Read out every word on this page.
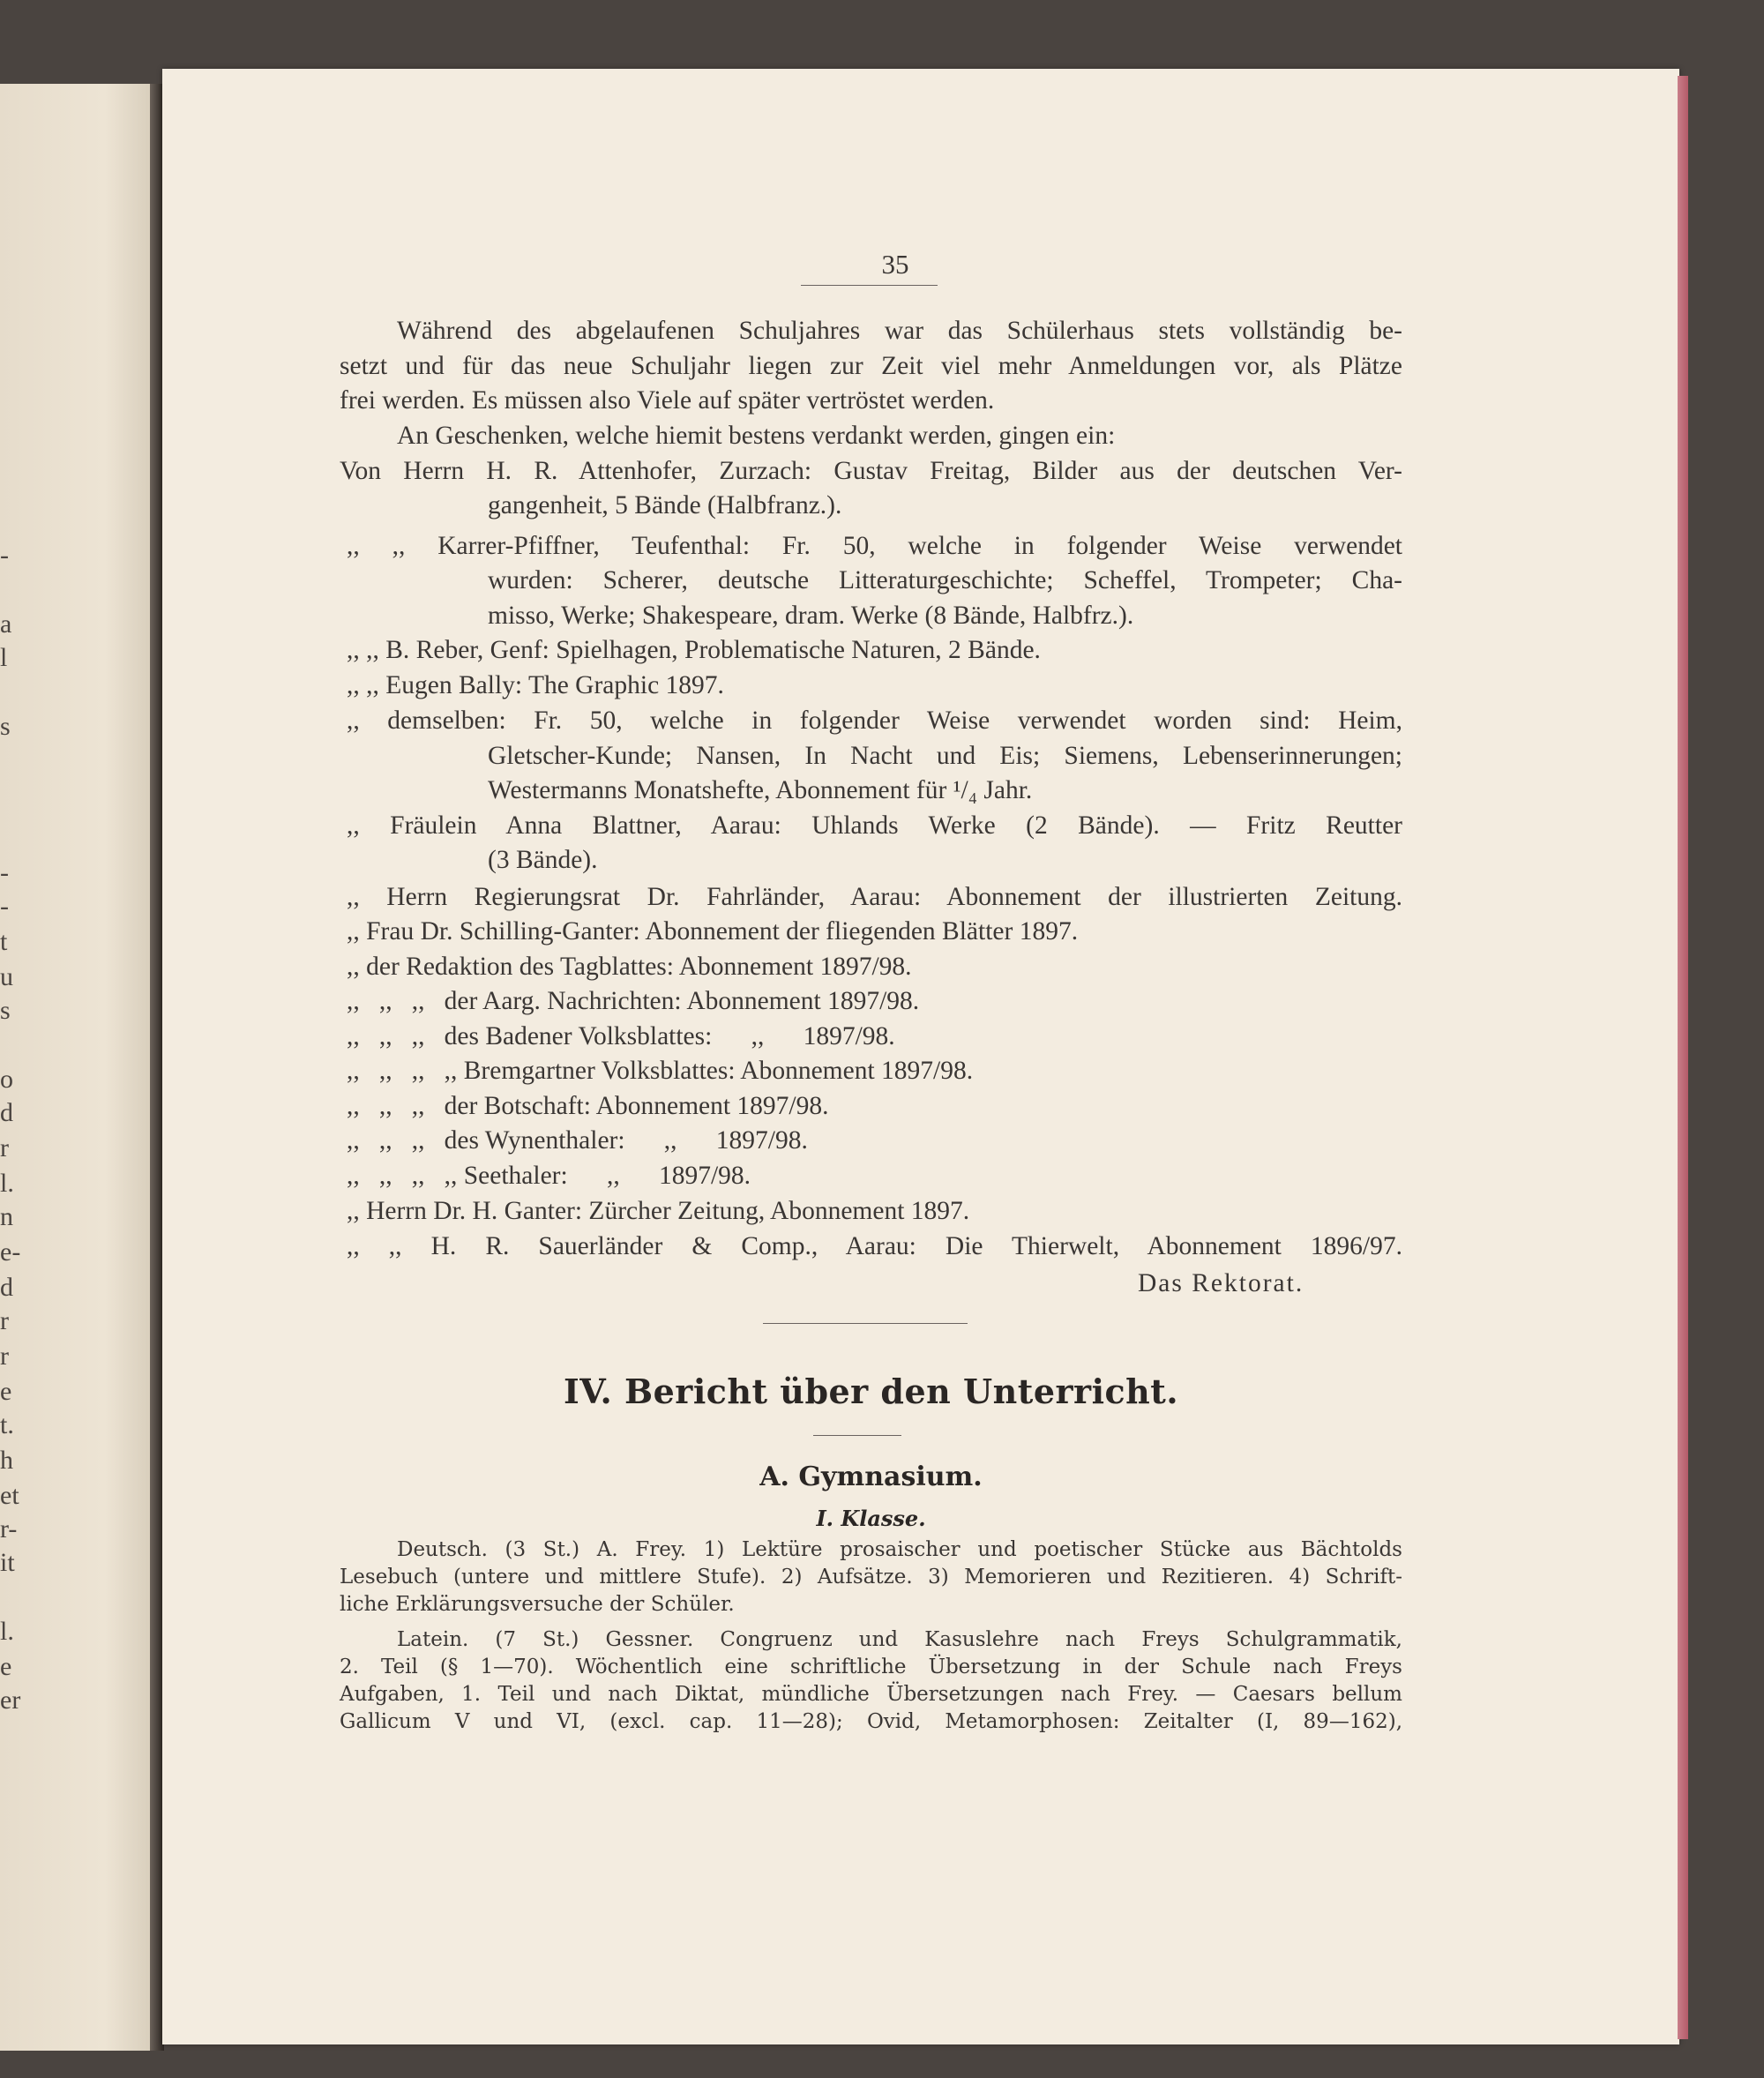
-
a
l
s
-
-
t
u
s
o
d
r
l.
n
e-
d
r
r
e
t.
h
et
r-
it
l.
e
er
35
Während des abgelaufenen Schuljahres war das Schülerhaus stets vollständig be-
setzt und für das neue Schuljahr liegen zur Zeit viel mehr Anmeldungen vor, als Plätze
frei werden. Es müssen also Viele auf später vertröstet werden.
An Geschenken, welche hiemit bestens verdankt werden, gingen ein:
Von Herrn H. R. Attenhofer, Zurzach: Gustav Freitag, Bilder aus der deutschen Ver-
gangenheit, 5 Bände (Halbfranz.).
,, ,, Karrer-Pfiffner, Teufenthal: Fr. 50, welche in folgender Weise verwendet
wurden: Scherer, deutsche Litteraturgeschichte; Scheffel, Trompeter; Cha-
misso, Werke; Shakespeare, dram. Werke (8 Bände, Halbfrz.).
,, ,, B. Reber, Genf: Spielhagen, Problematische Naturen, 2 Bände.
,, ,, Eugen Bally: The Graphic 1897.
,, demselben: Fr. 50, welche in folgender Weise verwendet worden sind: Heim,
Gletscher-Kunde; Nansen, In Nacht und Eis; Siemens, Lebenserinnerungen;
Westermanns Monatshefte, Abonnement für ¹/₄ Jahr.
,, Fräulein Anna Blattner, Aarau: Uhlands Werke (2 Bände). — Fritz Reutter
(3 Bände).
,, Herrn Regierungsrat Dr. Fahrländer, Aarau: Abonnement der illustrierten Zeitung.
,, Frau Dr. Schilling-Ganter: Abonnement der fliegenden Blätter 1897.
,, der Redaktion des Tagblattes: Abonnement 1897/98.
,,   ,,   ,,   der Aarg. Nachrichten: Abonnement 1897/98.
,,   ,,   ,,   des Badener Volksblattes:      ,,      1897/98.
,,   ,,   ,,   ,, Bremgartner Volksblattes: Abonnement 1897/98.
,,   ,,   ,,   der Botschaft: Abonnement 1897/98.
,,   ,,   ,,   des Wynenthaler:      ,,      1897/98.
,,   ,,   ,,   ,, Seethaler:      ,,      1897/98.
,, Herrn Dr. H. Ganter: Zürcher Zeitung, Abonnement 1897.
,, ,, H. R. Sauerländer & Comp., Aarau: Die Thierwelt, Abonnement 1896/97.
Das Rektorat.
IV. Bericht über den Unterricht.
A. Gymnasium.
I. Klasse.
Deutsch. (3 St.) A. Frey. 1) Lektüre prosaischer und poetischer Stücke aus Bächtolds
Lesebuch (untere und mittlere Stufe). 2) Aufsätze. 3) Memorieren und Rezitieren. 4) Schrift-
liche Erklärungsversuche der Schüler.
Latein. (7 St.) Gessner. Congruenz und Kasuslehre nach Freys Schulgrammatik,
2. Teil (§ 1—70). Wöchentlich eine schriftliche Übersetzung in der Schule nach Freys
Aufgaben, 1. Teil und nach Diktat, mündliche Übersetzungen nach Frey. — Caesars bellum
Gallicum V und VI, (excl. cap. 11—28); Ovid, Metamorphosen: Zeitalter (I, 89—162),
